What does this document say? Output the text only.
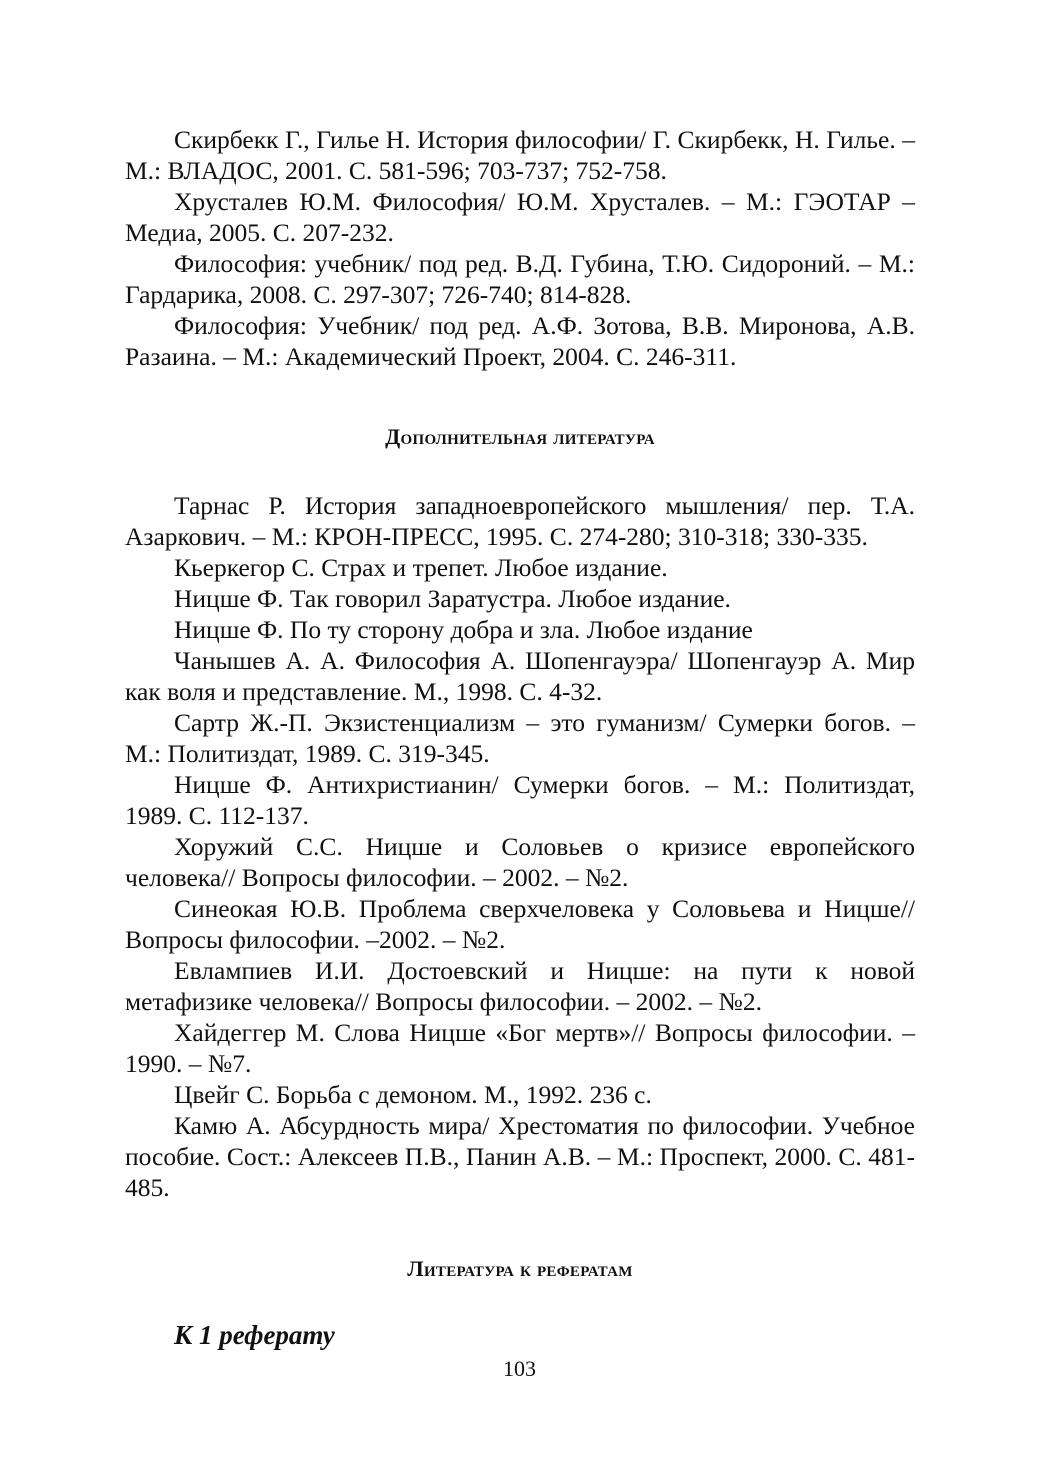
Скирбекк Г., Гилье Н. История философии/ Г. Скирбекк, Н. Гилье. – М.: ВЛАДОС, 2001. С. 581-596; 703-737; 752-758.

Хрусталев Ю.М. Философия/ Ю.М. Хрусталев. – М.: ГЭОТАР – Медиа, 2005. С. 207-232.

Философия: учебник/ под ред. В.Д. Губина, Т.Ю. Сидороний. – М.: Гардарика, 2008. С. 297-307; 726-740; 814-828.

Философия: Учебник/ под ред. А.Ф. Зотова, В.В. Миронова, А.В. Разаина. – М.: Академический Проект, 2004. С. 246-311.

Дополнительная литература

Тарнас Р. История западноевропейского мышления/ пер. Т.А. Азаркович. – М.: КРОН-ПРЕСС, 1995. С. 274-280; 310-318; 330-335.

Кьеркегор С. Страх и трепет. Любое издание.

Ницше Ф. Так говорил Заратустра. Любое издание.

Ницше Ф. По ту сторону добра и зла. Любое издание

Чанышев А. А. Философия А. Шопенгауэра/ Шопенгауэр А. Мир как воля и представление. М., 1998. С. 4-32.

Сартр Ж.-П. Экзистенциализм – это гуманизм/ Сумерки богов. – М.: Политиздат, 1989. С. 319-345.

Ницше Ф. Антихристианин/ Сумерки богов. – М.: Политиздат, 1989. С. 112-137.

Хоружий С.С. Ницше и Соловьев о кризисе европейского человека// Вопросы философии. – 2002. – №2.

Синеокая Ю.В. Проблема сверхчеловека у Соловьева и Ницше// Вопросы философии. –2002. – №2.

Евлампиев И.И. Достоевский и Ницше: на пути к новой метафизике человека// Вопросы философии. – 2002. – №2.

Хайдеггер М. Слова Ницше «Бог мертв»// Вопросы философии. – 1990. – №7.

Цвейг С. Борьба с демоном. М., 1992. 236 с.

Камю А. Абсурдность мира/ Хрестоматия по философии. Учебное пособие. Сост.: Алексеев П.В., Панин А.В. – М.: Проспект, 2000. С. 481-485.

Литература к рефератам

К 1 реферату

103
